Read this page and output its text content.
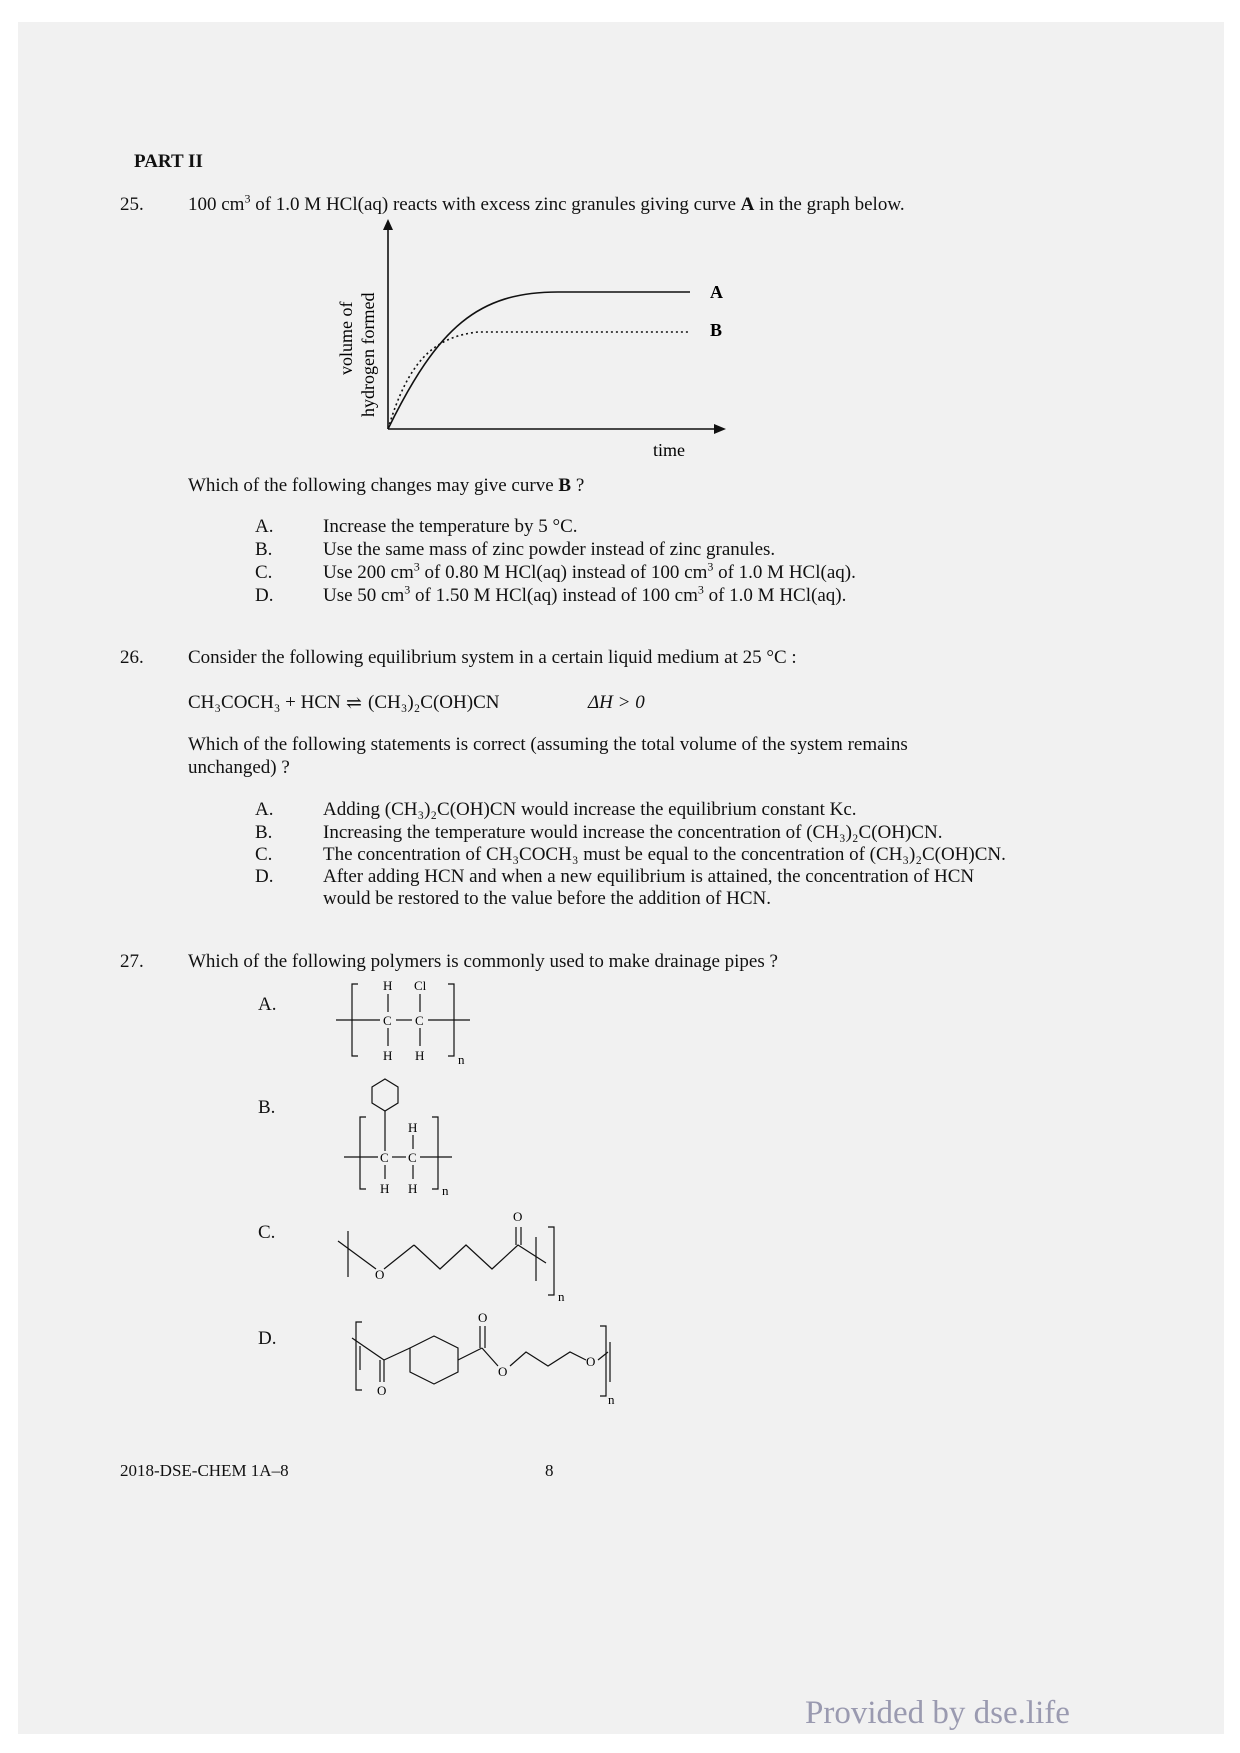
PART II
25. 100 $cm^3$ of 1.0 M HCl(aq) reacts with excess zinc granules giving curve A in the graph below.
A
B
time
volume of hydrogen formed
Which of the following changes may give curve B ?
A.	Increase the temperature by 5 °C.
B.	Use the same mass of zinc powder instead of zinc granules.
C.	Use 200 $cm^3$ of 0.80 M HCl(aq) instead of 100 $cm^3$ of 1.0 M HCl(aq).
D.	Use 50 $cm^3$ of 1.50 M HCl(aq) instead of 100 $cm^3$ of 1.0 M HCl(aq).
26. Consider the following equilibrium system in a certain liquid medium at 25 °C :
CH₃COCH₃ + HCN ⇌ (CH₃)₂C(OH)CN	ΔH > 0
Which of the following statements is correct (assuming the total volume of the system remains
unchanged) ?
A.	Adding (CH₃)₂C(OH)CN would increase the equilibrium constant Kc.
B.	Increasing the temperature would increase the concentration of (CH₃)₂C(OH)CN.
C.	The concentration of CH₃COCH₃ must be equal to the concentration of (CH₃)₂C(OH)CN.
D.	After adding HCN and when a new equilibrium is attained, the concentration of HCN
would be restored to the value before the addition of HCN.
27. Which of the following polymers is commonly used to make drainage pipes ?
A.
H Cl
C C
H H	n
B.
H
C C
H H n
C.
O
O
n
D.
O
O
O
O
n
2018-DSE-CHEM 1A–8	8
Provided by dse.life
